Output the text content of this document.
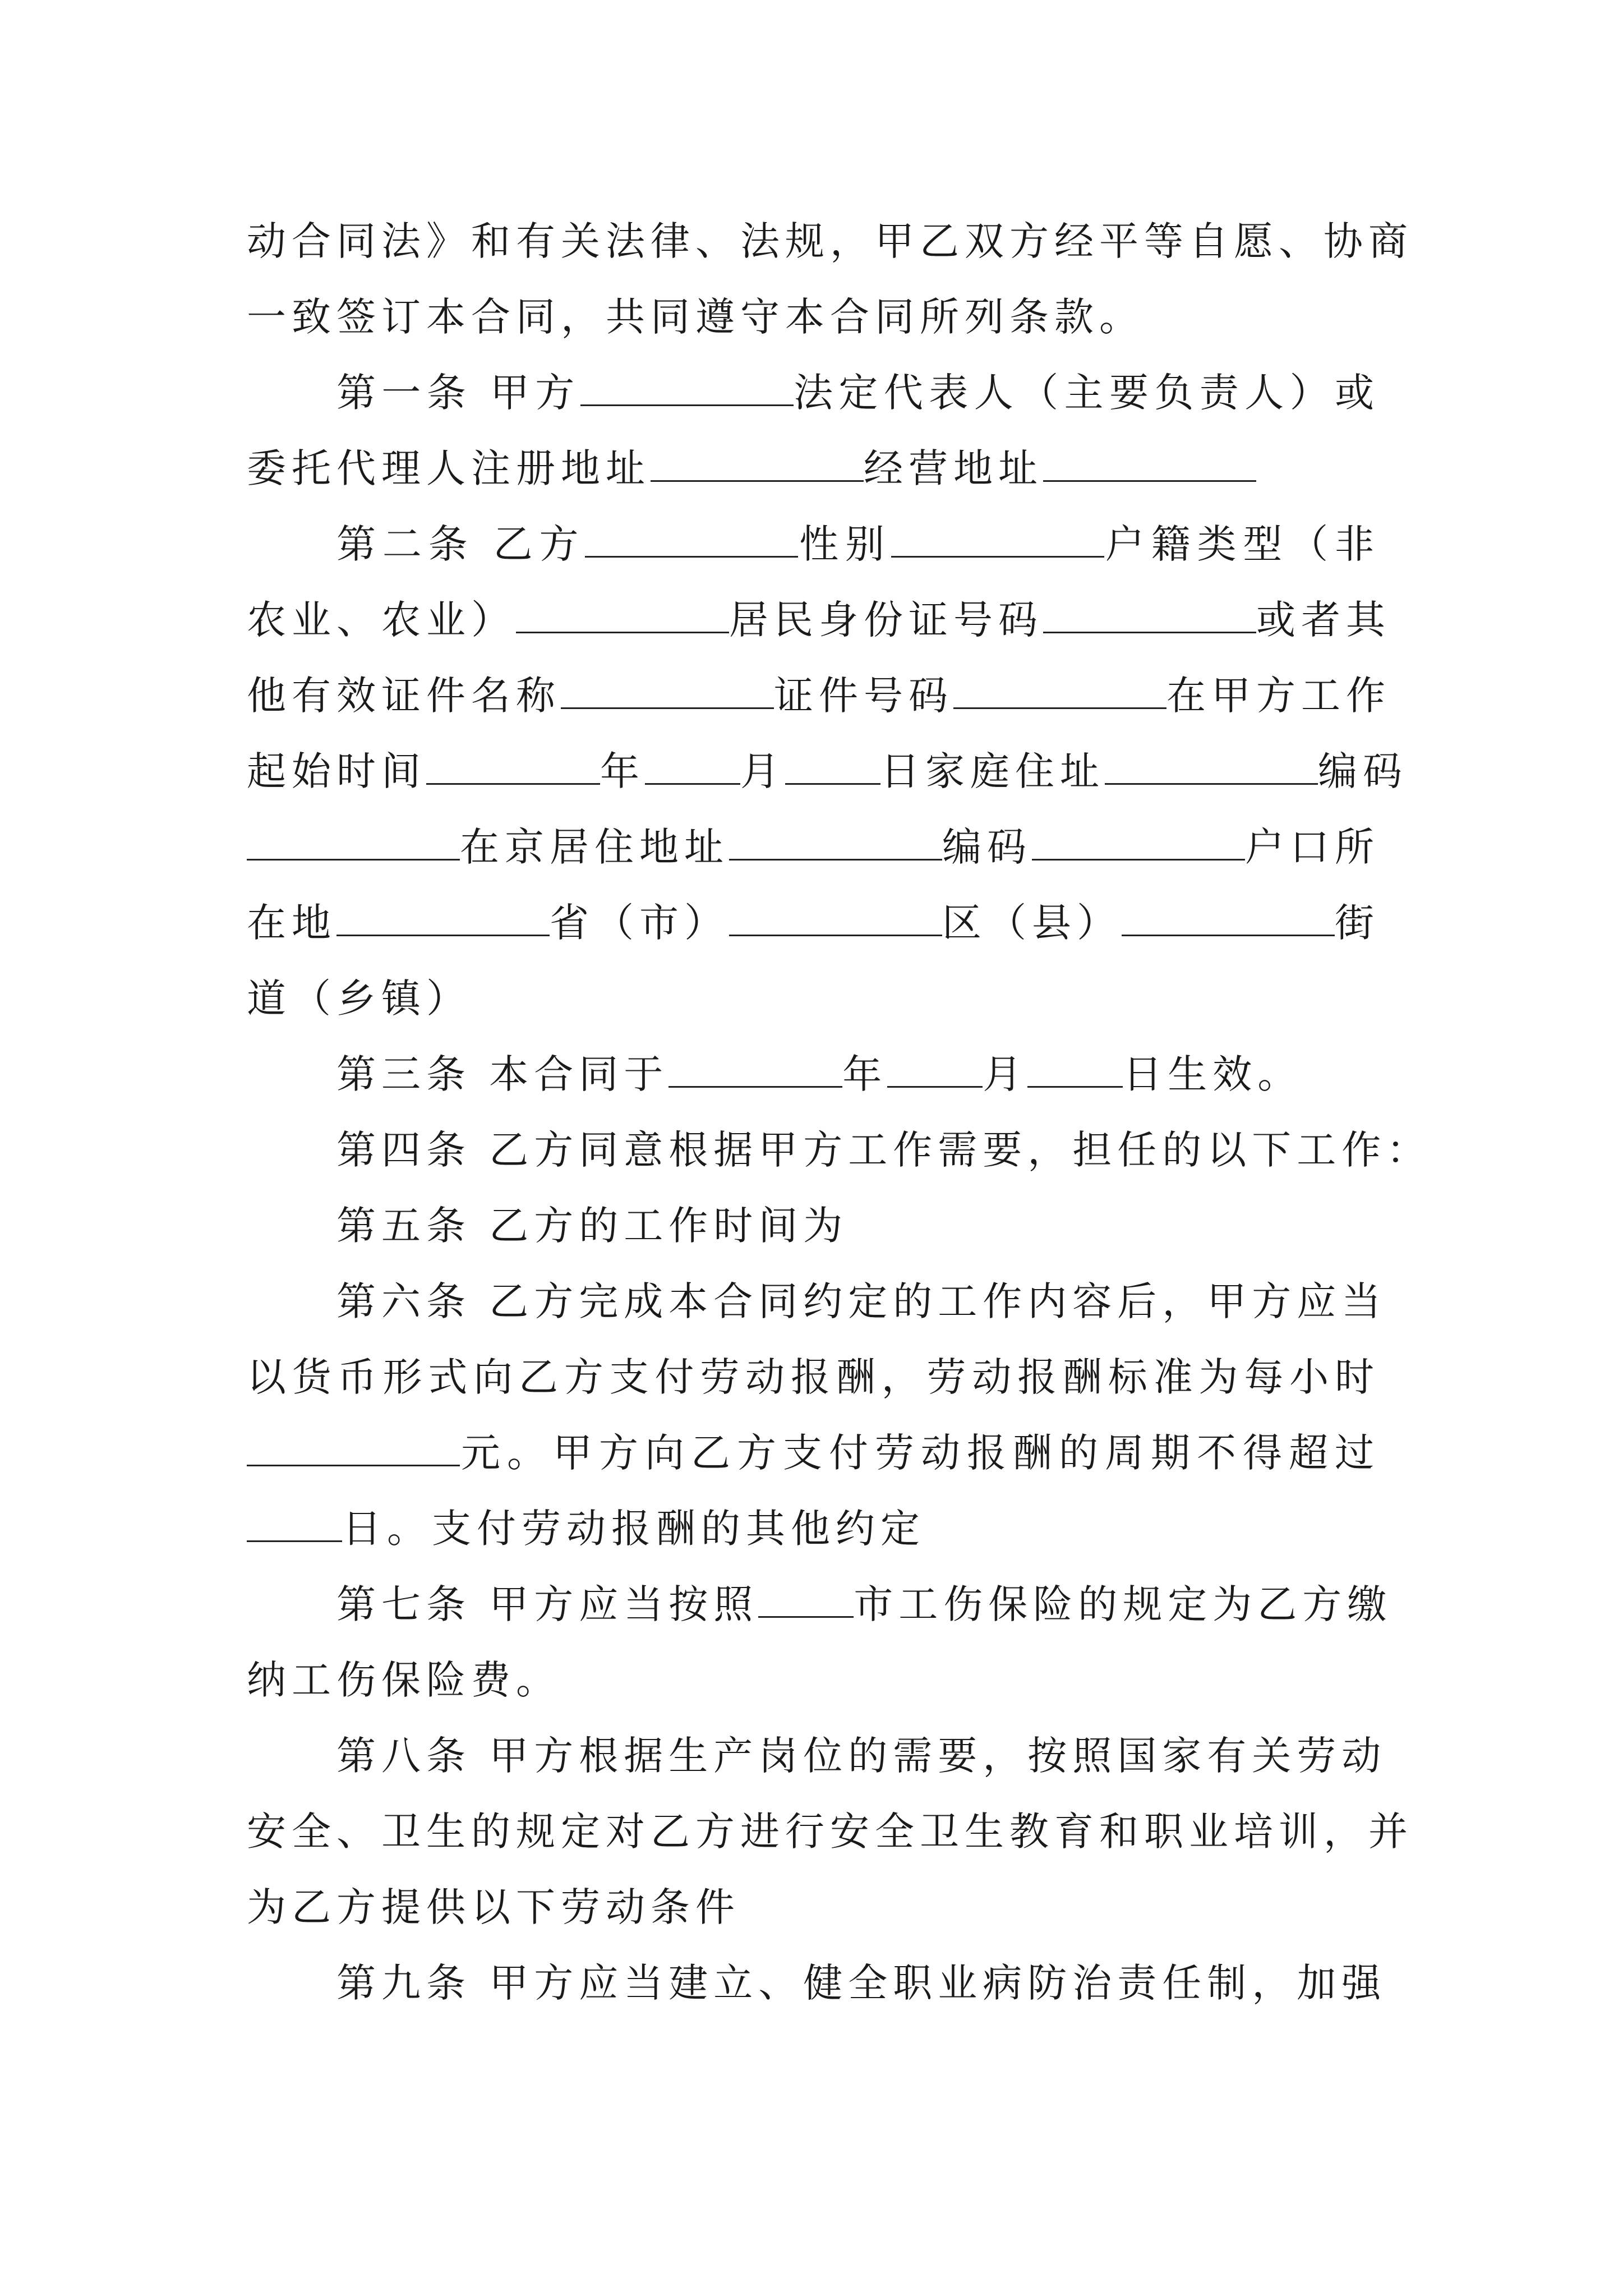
动合同法》和有关法律、法规，甲乙双方经平等自愿、协商
一致签订本合同，共同遵守本合同所列条款。
第一条 甲方	法定代表人（主要负责人）或
委托代理人注册地址	经营地址
第二条 乙方	性别	户籍类型（非
农业、农业）	居民身份证号码	或者其
他有效证件名称	证件号码	在甲方工作
起始时间	年 月 日家庭住址	编码
在京居住地址	编码	户口所
在地	省（市）	区（县）	街
道（乡镇）
第三条 本合同于	年 月 日生效。
第四条 乙方同意根据甲方工作需要，担任的以下工作：
第五条 乙方的工作时间为
第六条 乙方完成本合同约定的工作内容后，甲方应当
以货币形式向乙方支付劳动报酬，劳动报酬标准为每小时
元。甲方向乙方支付劳动报酬的周期不得超过
日。支付劳动报酬的其他约定
第七条 甲方应当按照 市工伤保险的规定为乙方缴
纳工伤保险费。
第八条 甲方根据生产岗位的需要，按照国家有关劳动
安全、卫生的规定对乙方进行安全卫生教育和职业培训，并
为乙方提供以下劳动条件
第九条 甲方应当建立、健全职业病防治责任制，加强
